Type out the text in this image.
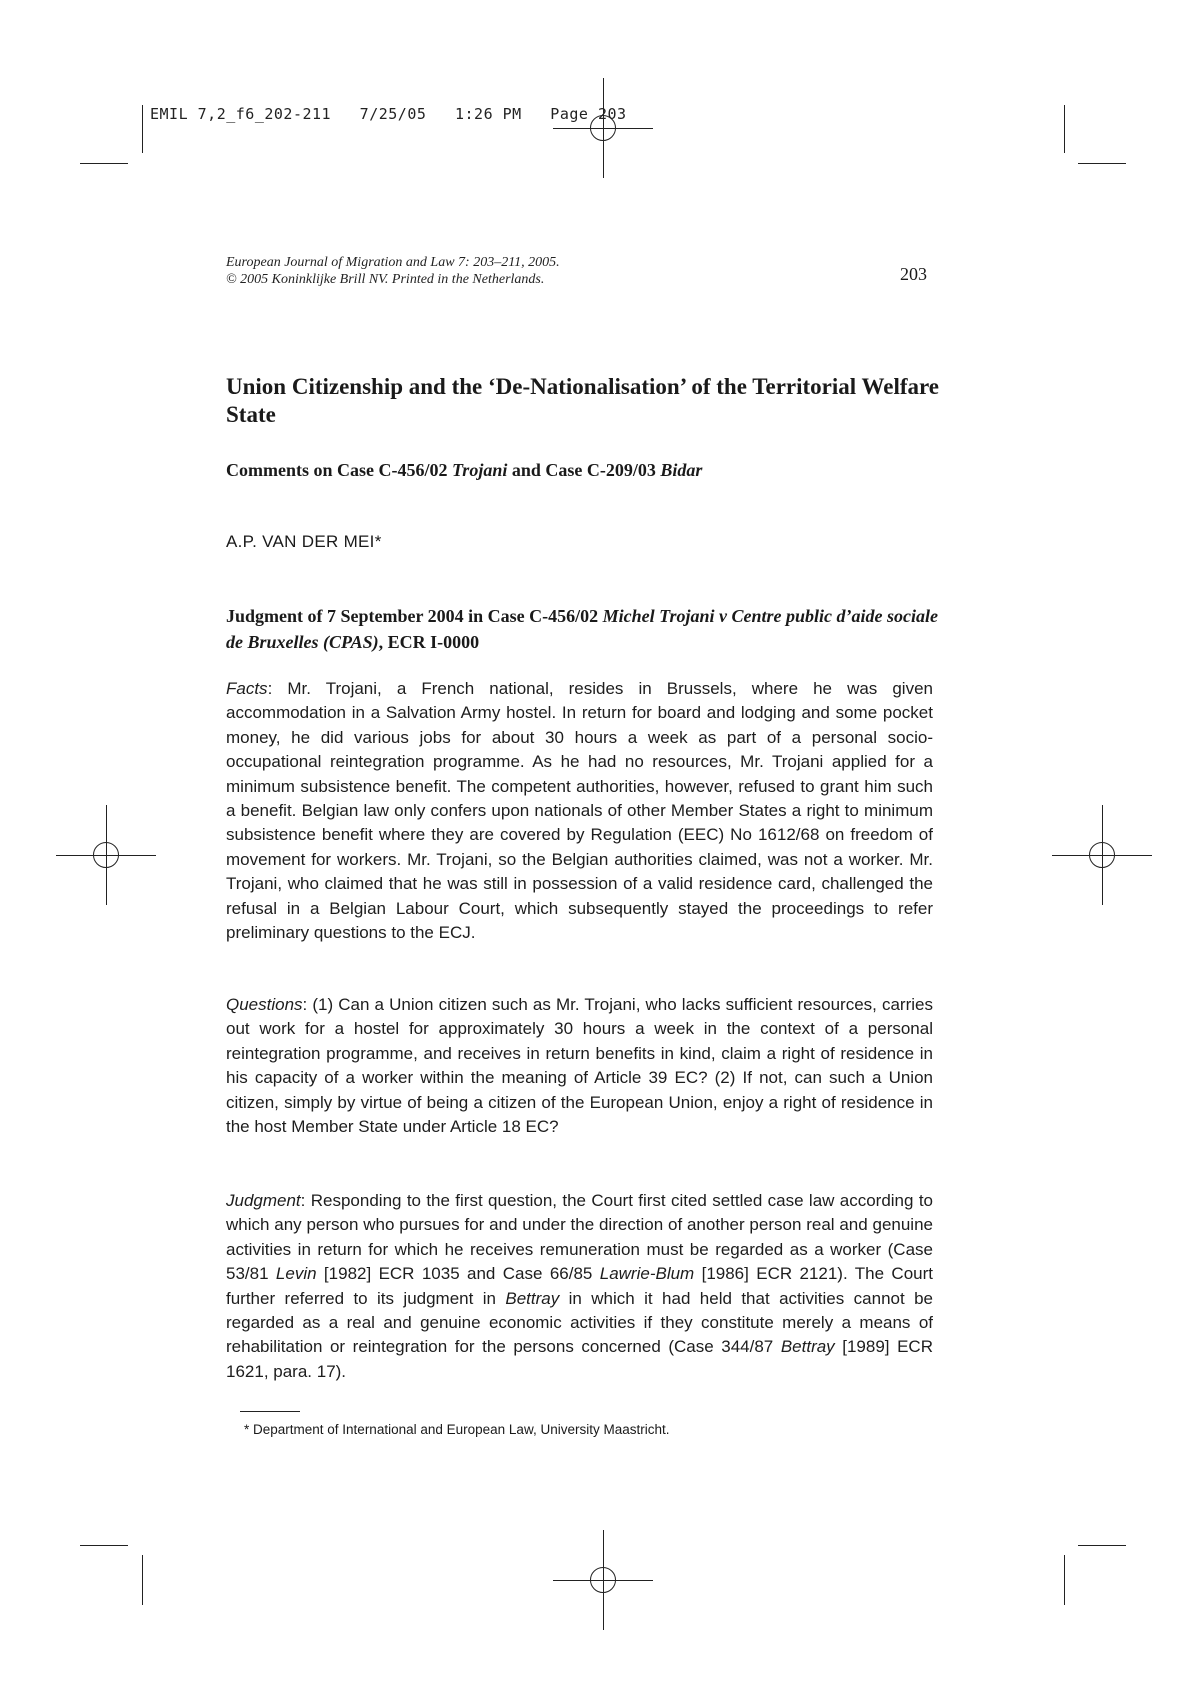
EMIL 7,2_f6_202-211   7/25/05   1:26 PM   Page 203
European Journal of Migration and Law 7: 203–211, 2005.
© 2005 Koninklijke Brill NV. Printed in the Netherlands.	203
Union Citizenship and the ‘De-Nationalisation’ of the Territorial Welfare State
Comments on Case C-456/02 Trojani and Case C-209/03 Bidar
A.P. VAN DER MEI*
Judgment of 7 September 2004 in Case C-456/02 Michel Trojani v Centre public d’aide sociale de Bruxelles (CPAS), ECR I-0000
Facts: Mr. Trojani, a French national, resides in Brussels, where he was given accommodation in a Salvation Army hostel. In return for board and lodging and some pocket money, he did various jobs for about 30 hours a week as part of a personal socio-occupational reintegration programme. As he had no resources, Mr. Trojani applied for a minimum subsistence benefit. The competent authorities, however, refused to grant him such a benefit. Belgian law only confers upon nationals of other Member States a right to minimum subsistence benefit where they are covered by Regulation (EEC) No 1612/68 on freedom of movement for workers. Mr. Trojani, so the Belgian authorities claimed, was not a worker. Mr. Trojani, who claimed that he was still in possession of a valid residence card, challenged the refusal in a Belgian Labour Court, which subsequently stayed the proceedings to refer preliminary questions to the ECJ.
Questions: (1) Can a Union citizen such as Mr. Trojani, who lacks sufficient resources, carries out work for a hostel for approximately 30 hours a week in the context of a personal reintegration programme, and receives in return benefits in kind, claim a right of residence in his capacity of a worker within the meaning of Article 39 EC? (2) If not, can such a Union citizen, simply by virtue of being a citizen of the European Union, enjoy a right of residence in the host Member State under Article 18 EC?
Judgment: Responding to the first question, the Court first cited settled case law according to which any person who pursues for and under the direction of another person real and genuine activities in return for which he receives remuneration must be regarded as a worker (Case 53/81 Levin [1982] ECR 1035 and Case 66/85 Lawrie-Blum [1986] ECR 2121). The Court further referred to its judgment in Bettray in which it had held that activities cannot be regarded as a real and genuine economic activities if they constitute merely a means of rehabilitation or reintegration for the persons concerned (Case 344/87 Bettray [1989] ECR 1621, para. 17).
* Department of International and European Law, University Maastricht.
